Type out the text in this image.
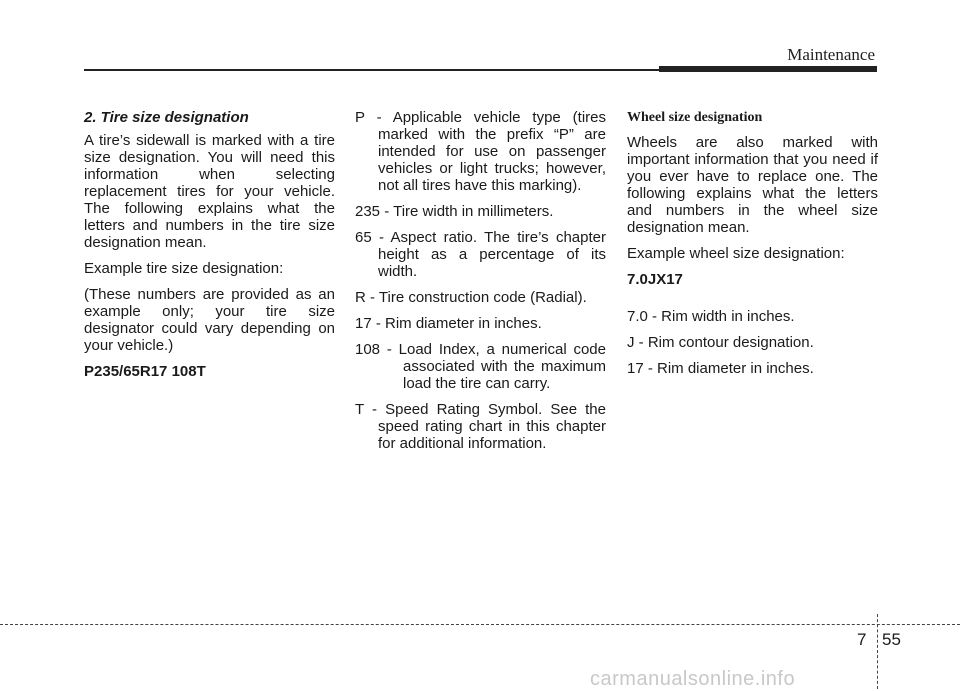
Maintenance

2. Tire size designation

A tire’s sidewall is marked with a tire size designation. You will need this information when selecting replacement tires for your vehicle. The following explains what the letters and numbers in the tire size designation mean.

Example tire size designation:

(These numbers are provided as an example only; your tire size designator could vary depending on your vehicle.)

P235/65R17 108T

P - Applicable vehicle type (tires marked with the prefix “P” are intended for use on passenger vehicles or light trucks; however, not all tires have this marking).

235 - Tire width in millimeters.

65 - Aspect ratio. The tire’s chapter height as a percentage of its width.

R - Tire construction code (Radial).

17 - Rim diameter in inches.

108 - Load Index, a numerical code associated with the maximum load the tire can carry.

T - Speed Rating Symbol. See the speed rating chart in this chapter for additional information.

Wheel size designation

Wheels are also marked with important information that you need if you ever have to replace one. The following explains what the letters and numbers in the wheel size designation mean.

Example wheel size designation:

7.0JX17

7.0 - Rim width in inches.

J - Rim contour designation.

17 - Rim diameter in inches.

7 55
carmanualsonline.info
